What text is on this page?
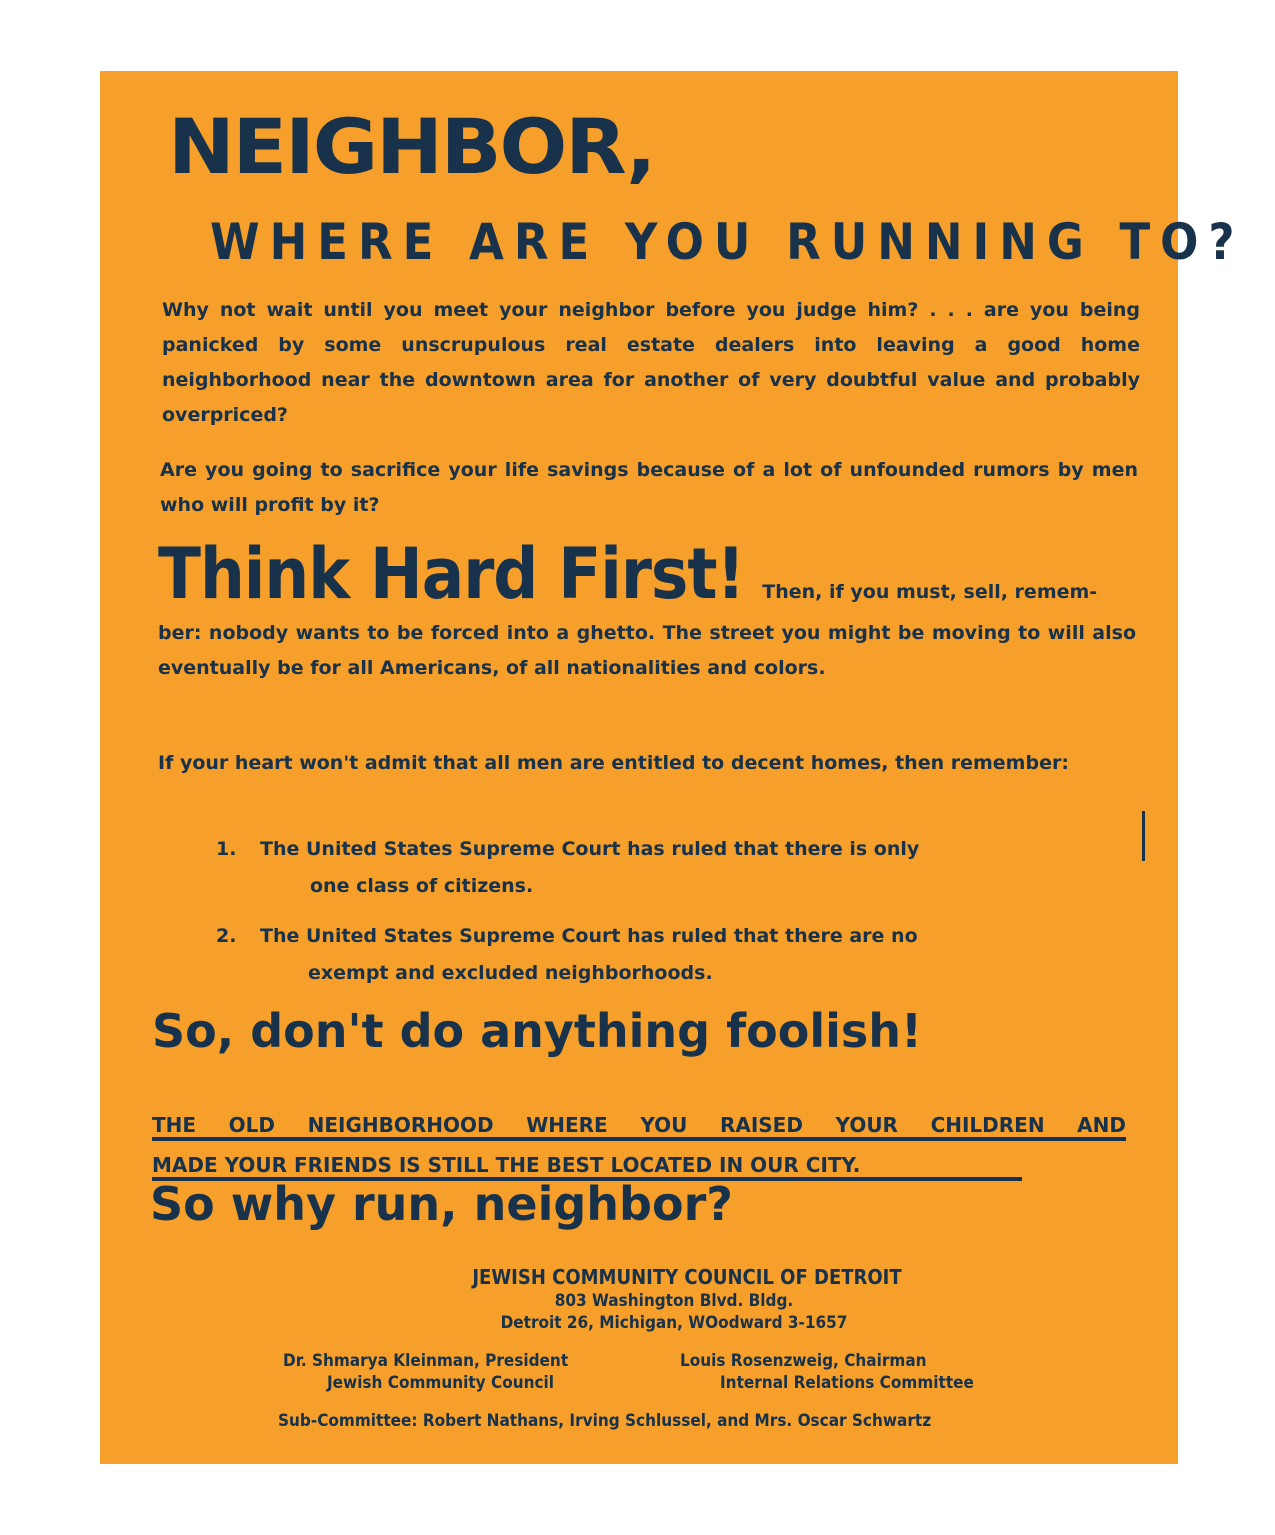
NEIGHBOR,
WHERE ARE YOU RUNNING TO?

Why not wait until you meet your neighbor before you judge him? . . . are you being panicked by some unscrupulous real estate dealers into leaving a good home neighborhood near the downtown area for another of very doubtful value and probably overpriced?

Are you going to sacrifice your life savings because of a lot of unfounded rumors by men who will profit by it?

Think Hard First! Then, if you must, sell, remem-

ber: nobody wants to be forced into a ghetto. The street you might be moving to will also eventually be for all Americans, of all nationalities and colors.

If your heart won't admit that all men are entitled to decent homes, then remember:

1. The United States Supreme Court has ruled that there is only

one class of citizens.

2. The United States Supreme Court has ruled that there are no

exempt and excluded neighborhoods.

So, don't do anything foolish!

THE OLD NEIGHBORHOOD WHERE YOU RAISED YOUR CHILDREN AND

MADE YOUR FRIENDS IS STILL THE BEST LOCATED IN OUR CITY.

So why run, neighbor?

JEWISH COMMUNITY COUNCIL OF DETROIT

803 Washington Blvd. Bldg.

Detroit 26, Michigan, WOodward 3-1657

Dr. Shmarya Kleinman, President

Jewish Community Council

Louis Rosenzweig, Chairman

Internal Relations Committee

Sub-Committee: Robert Nathans, Irving Schlussel, and Mrs. Oscar Schwartz
